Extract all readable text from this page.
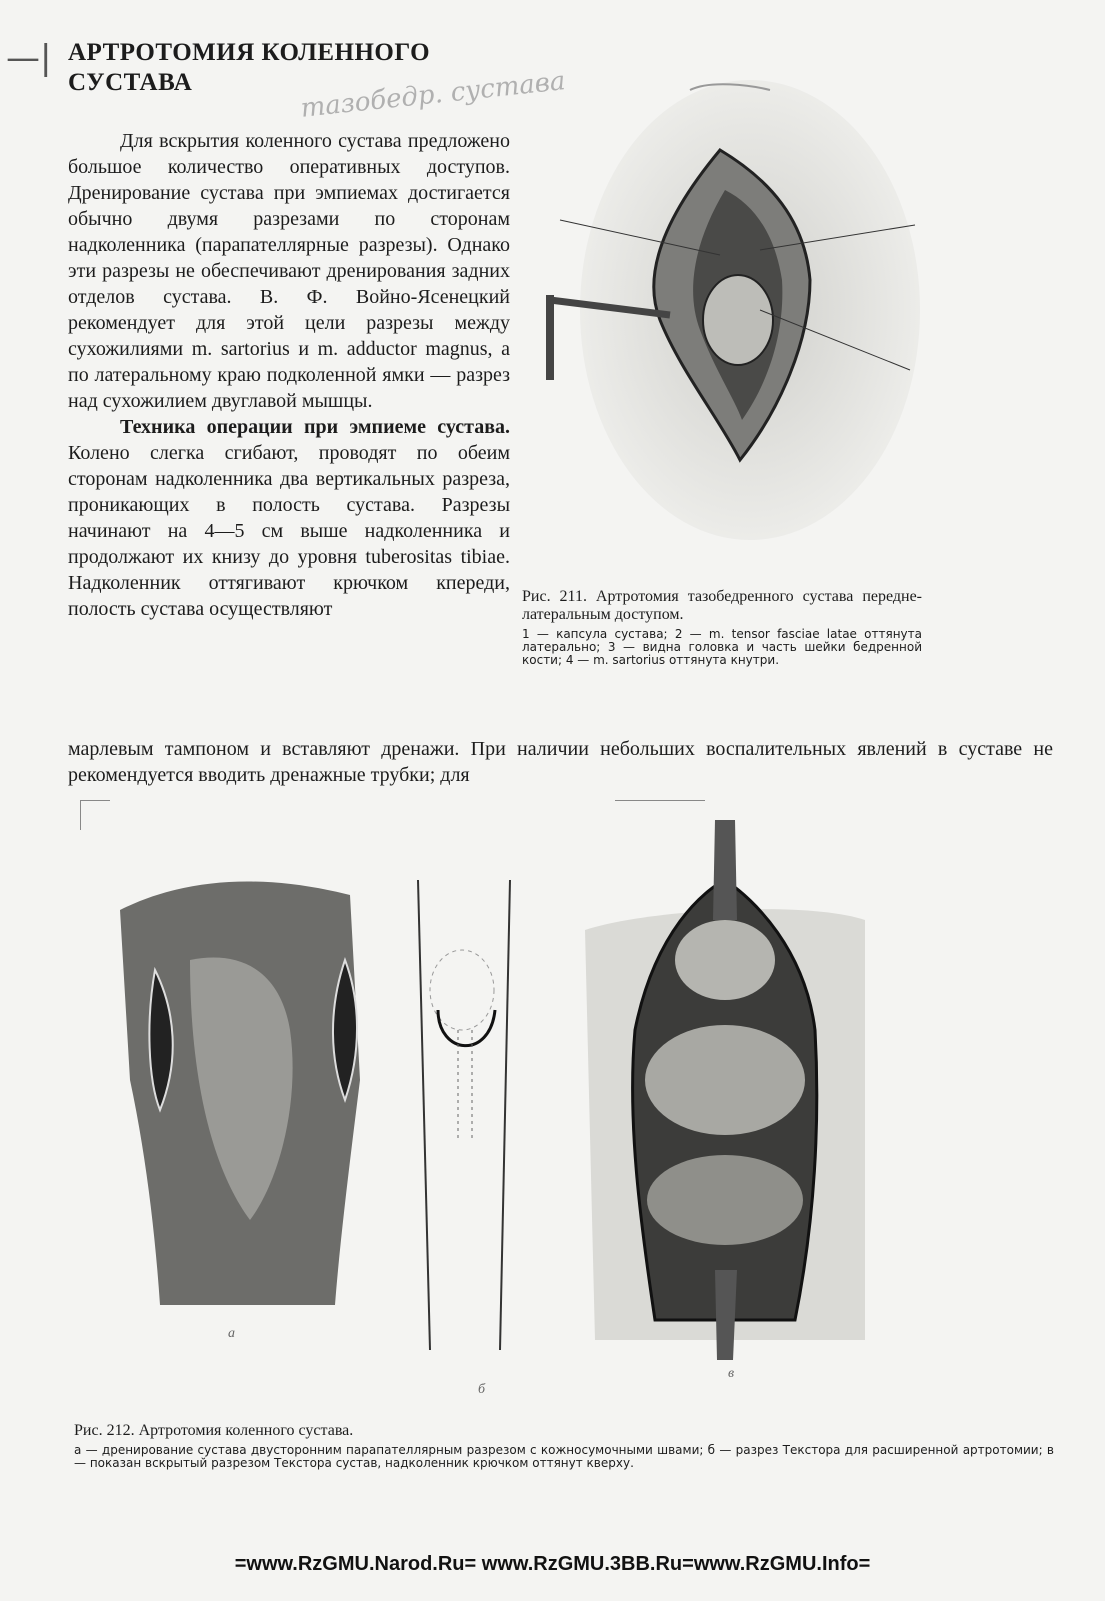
—| АРТРОТОМИЯ КОЛЕННОГО
СУСТАВА	тазобедр. сустава

Для вскрытия коленного сустава предложено большое количество оперативных доступов. Дренирование сустава при эмпиемах достигается обычно двумя разрезами по сторонам надколенника (парапателлярные разрезы). Однако эти разрезы не обеспечивают дренирования задних отделов сустава. В. Ф. Войно-Ясенецкий рекомендует для этой цели разрезы между сухожилиями m. sartorius и m. adductor magnus, а по латеральному краю подколенной ямки — разрез над сухожилием двуглавой мышцы.

Техника операции при эмпиеме сустава. Колено слегка сгибают, проводят по обеим сторонам надколенника два вертикальных разреза, проникающих в полость сустава. Разрезы начинают на 4—5 см выше надколенника и продолжают их книзу до уровня tuberositas tibiae. Надколенник оттягивают крючком кпереди, полость сустава осуществляют

Рис. 211. Артротомия тазобедренного сустава передне-латеральным доступом.
1 — капсула сустава; 2 — m. tensor fasciae latae оттянута латерально; 3 — видна головка и часть шейки бедренной кости; 4 — m. sartorius оттянута кнутри.
марлевым тампоном и вставляют дренажи. При наличии небольших воспалительных явлений в суставе не рекомендуется вводить дренажные трубки; для
а
б
в
Рис. 212. Артротомия коленного сустава.
а — дренирование сустава двусторонним парапателлярным разрезом с кожносумочными швами; б — разрез Текстора для расширенной артротомии; в — показан вскрытый разрезом Текстора сустав, надколенник крючком оттянут кверху.
=www.RzGMU.Narod.Ru= www.RzGMU.3BB.Ru=www.RzGMU.Info=
